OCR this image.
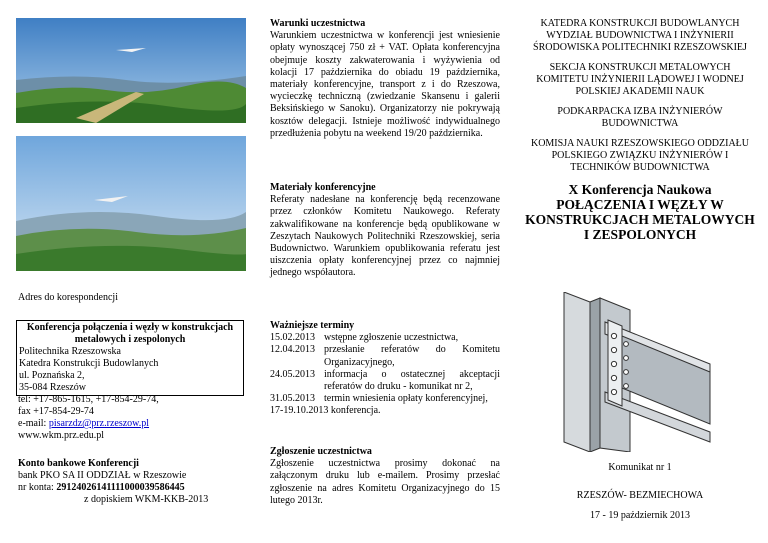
Adres do korespondencji
Konferencja połączenia i węzły w konstrukcjach metalowych i zespolonych
Politechnika Rzeszowska
Katedra Konstrukcji Budowlanych
ul. Poznańska 2,
35-084 Rzeszów
tel: +17-865-1615, +17-854-29-74,
fax +17-854-29-74
e-mail: pisarzdz@prz.rzeszow.pl
www.wkm.prz.edu.pl
Konto bankowe Konferencji
bank PKO SA II ODDZIAŁ w Rzeszowie
nr konta: 29124026141111000039586445
z dopiskiem WKM-KKB-2013
Warunki uczestnictwa

Warunkiem uczestnictwa w konferencji jest wniesienie opłaty wynoszącej 750 zł + VAT. Opłata konferencyjna obejmuje koszty zakwaterowania i wyżywienia od kolacji 17 października do obiadu 19 października, materiały konferencyjne, transport z i do Rzeszowa, wycieczkę techniczną (zwiedzanie Skansenu i galerii Beksińskiego w Sanoku). Organizatorzy nie pokrywają kosztów delegacji. Istnieje możliwość indywidualnego przedłużenia pobytu na weekend 19/20 października.

Materiały konferencyjne

Referaty nadesłane na konferencję będą recenzowane przez członków Komitetu Naukowego. Referaty zakwalifikowane na konferencje będą opublikowane w Zeszytach Naukowych Politechniki Rzeszowskiej, seria Budownictwo. Warunkiem opublikowania referatu jest uiszczenia opłaty konferencyjnej przez co najmniej jednego współautora.

Ważniejsze terminy
15.02.2013 wstępne zgłoszenie uczestnictwa,
12.04.2013 przesłanie referatów do Komitetu Organizacyjnego,
24.05.2013 informacja o ostatecznej akceptacji referatów do druku - komunikat nr 2,
31.05.2013 termin wniesienia opłaty konferencyjnej,
17-19.10.2013 konferencja.
Zgłoszenie uczestnictwa

Zgłoszenie uczestnictwa prosimy dokonać na załączonym druku lub e-mailem. Prosimy przesłać zgłoszenie na adres Komitetu Organizacyjnego do 15 lutego 2013r.

KATEDRA KONSTRUKCJI BUDOWLANYCH WYDZIAŁ BUDOWNICTWA I INŻYNIERII ŚRODOWISKA POLITECHNIKI RZESZOWSKIEJ
SEKCJA KONSTRUKCJI METALOWYCH KOMITETU INŻYNIERII LĄDOWEJ I WODNEJ POLSKIEJ AKADEMII NAUK
PODKARPACKA IZBA INŻYNIERÓW BUDOWNICTWA
KOMISJA NAUKI RZESZOWSKIEGO ODDZIAŁU POLSKIEGO ZWIĄZKU INŻYNIERÓW I TECHNIKÓW BUDOWNICTWA
X Konferencja Naukowa POŁĄCZENIA I WĘZŁY W KONSTRUKCJACH METALOWYCH I ZESPOLONYCH
Komunikat nr 1
RZESZÓW- BEZMIECHOWA
17 - 19 październik 2013
